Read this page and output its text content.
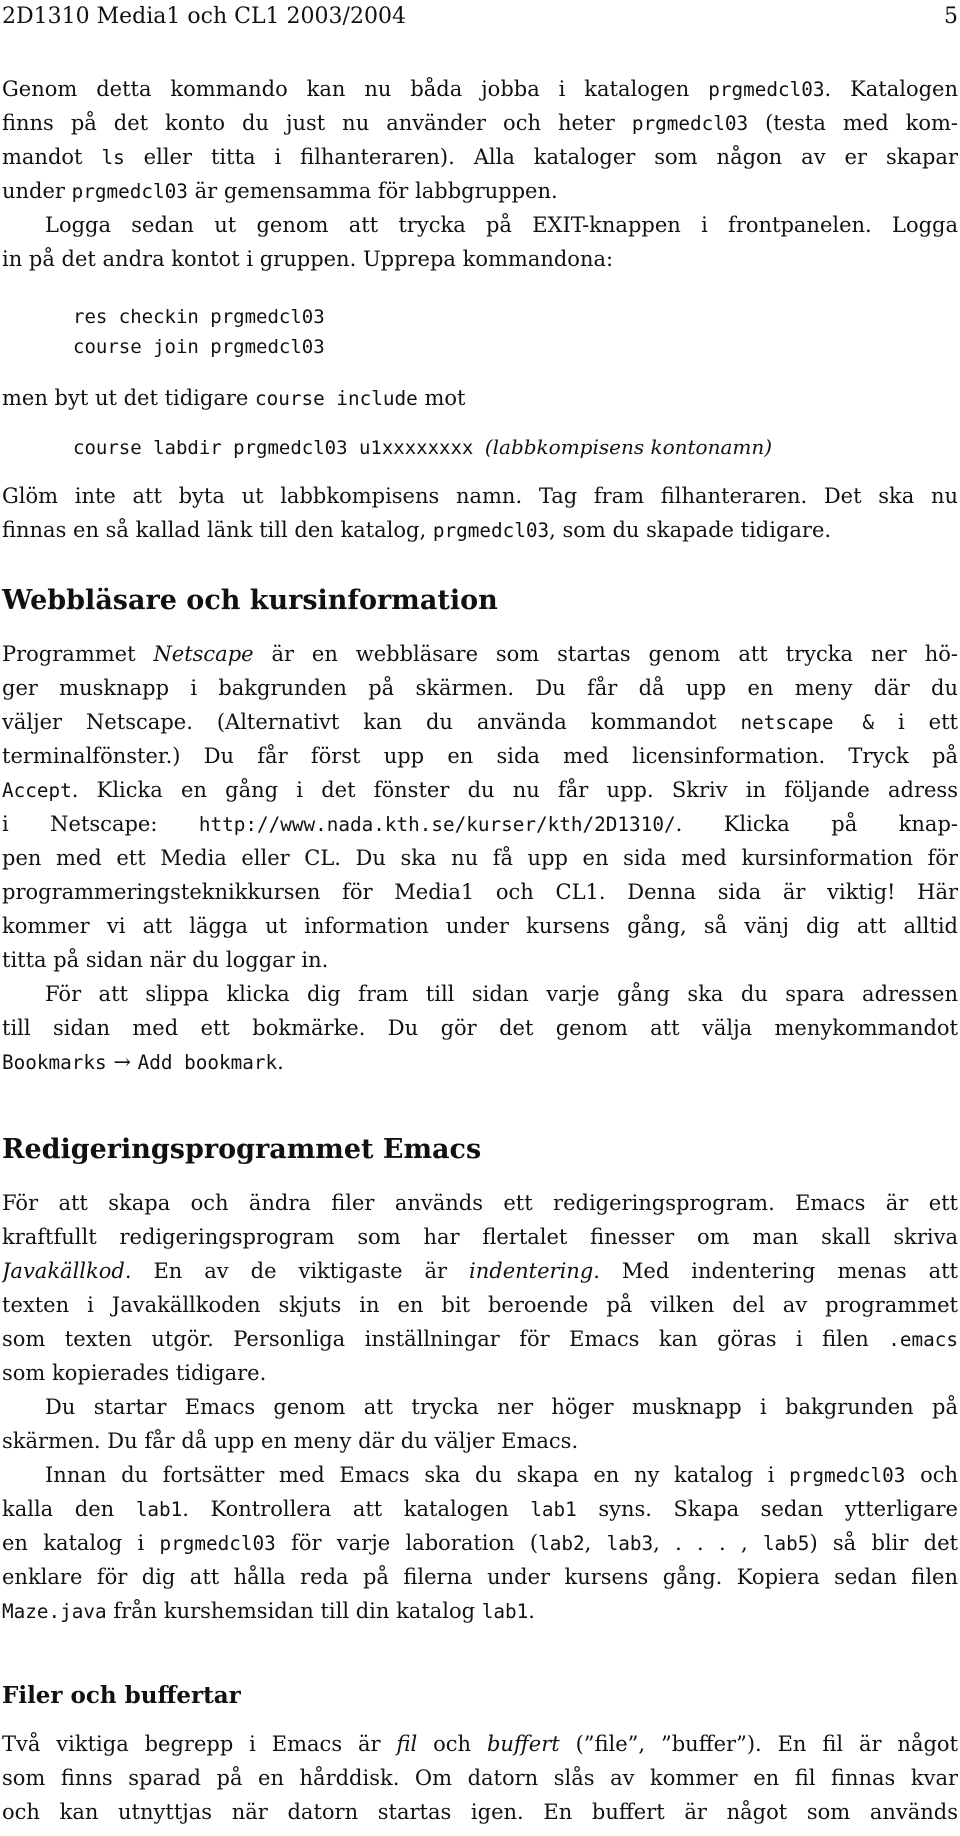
2D1310 Media1 och CL1 2003/2004	5
Genom detta kommando kan nu båda jobba i katalogen prgmedcl03. Katalogen
finns på det konto du just nu använder och heter prgmedcl03 (testa med kom-
mandot ls eller titta i filhanteraren). Alla kataloger som någon av er skapar
under prgmedcl03 är gemensamma för labbgruppen.
Logga sedan ut genom att trycka på EXIT-knappen i frontpanelen. Logga
in på det andra kontot i gruppen. Upprepa kommandona:
res checkin prgmedcl03
course join prgmedcl03
men byt ut det tidigare course include mot
course labdir prgmedcl03 u1xxxxxxxx (labbkompisens kontonamn)
Glöm inte att byta ut labbkompisens namn. Tag fram filhanteraren. Det ska nu
finnas en så kallad länk till den katalog, prgmedcl03, som du skapade tidigare.
Webbläsare och kursinformation
Programmet Netscape är en webbläsare som startas genom att trycka ner hö-
ger musknapp i bakgrunden på skärmen. Du får då upp en meny där du
väljer Netscape. (Alternativt kan du använda kommandot netscape & i ett
terminalfönster.) Du får först upp en sida med licensinformation. Tryck på
Accept. Klicka en gång i det fönster du nu får upp. Skriv in följande adress
i Netscape: http://www.nada.kth.se/kurser/kth/2D1310/. Klicka på knap-
pen med ett Media eller CL. Du ska nu få upp en sida med kursinformation för
programmeringsteknikkursen för Media1 och CL1. Denna sida är viktig! Här
kommer vi att lägga ut information under kursens gång, så vänj dig att alltid
titta på sidan när du loggar in.
För att slippa klicka dig fram till sidan varje gång ska du spara adressen
till sidan med ett bokmärke. Du gör det genom att välja menykommandot
Bookmarks → Add bookmark.
Redigeringsprogrammet Emacs
För att skapa och ändra filer används ett redigeringsprogram. Emacs är ett
kraftfullt redigeringsprogram som har flertalet finesser om man skall skriva
Javakällkod. En av de viktigaste är indentering. Med indentering menas att
texten i Javakällkoden skjuts in en bit beroende på vilken del av programmet
som texten utgör. Personliga inställningar för Emacs kan göras i filen .emacs
som kopierades tidigare.
Du startar Emacs genom att trycka ner höger musknapp i bakgrunden på
skärmen. Du får då upp en meny där du väljer Emacs.
Innan du fortsätter med Emacs ska du skapa en ny katalog i prgmedcl03 och
kalla den lab1. Kontrollera att katalogen lab1 syns. Skapa sedan ytterligare
en katalog i prgmedcl03 för varje laboration (lab2, lab3, . . . , lab5) så blir det
enklare för dig att hålla reda på filerna under kursens gång. Kopiera sedan filen
Maze.java från kurshemsidan till din katalog lab1.
Filer och buffertar
Två viktiga begrepp i Emacs är fil och buffert (”file”, ”buffer”). En fil är något
som finns sparad på en hårddisk. Om datorn slås av kommer en fil finnas kvar
och kan utnyttjas när datorn startas igen. En buffert är något som används
